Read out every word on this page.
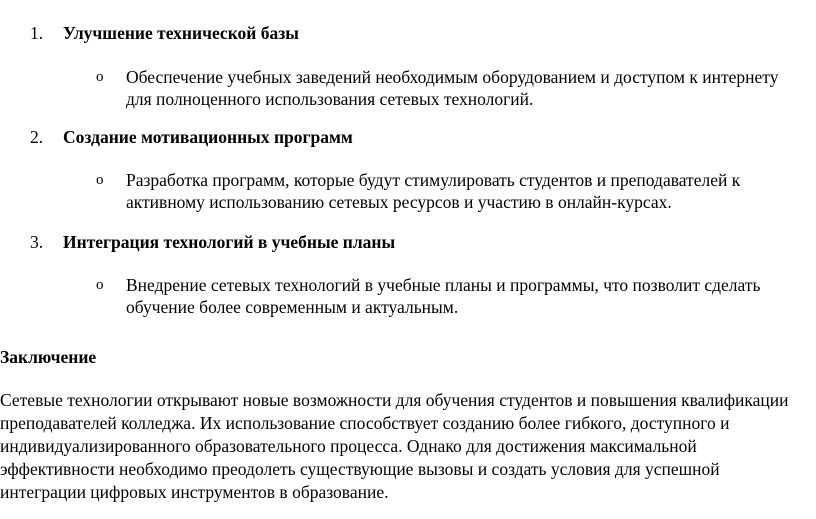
1. Улучшение технической базы
o Обеспечение учебных заведений необходимым оборудованием и доступом к интернету для полноценного использования сетевых технологий.
2. Создание мотивационных программ
o Разработка программ, которые будут стимулировать студентов и преподавателей к активному использованию сетевых ресурсов и участию в онлайн-курсах.
3. Интеграция технологий в учебные планы
o Внедрение сетевых технологий в учебные планы и программы, что позволит сделать обучение более современным и актуальным.
Заключение
Сетевые технологии открывают новые возможности для обучения студентов и повышения квалификации преподавателей колледжа. Их использование способствует созданию более гибкого, доступного и индивидуализированного образовательного процесса. Однако для достижения максимальной эффективности необходимо преодолеть существующие вызовы и создать условия для успешной интеграции цифровых инструментов в образование.
